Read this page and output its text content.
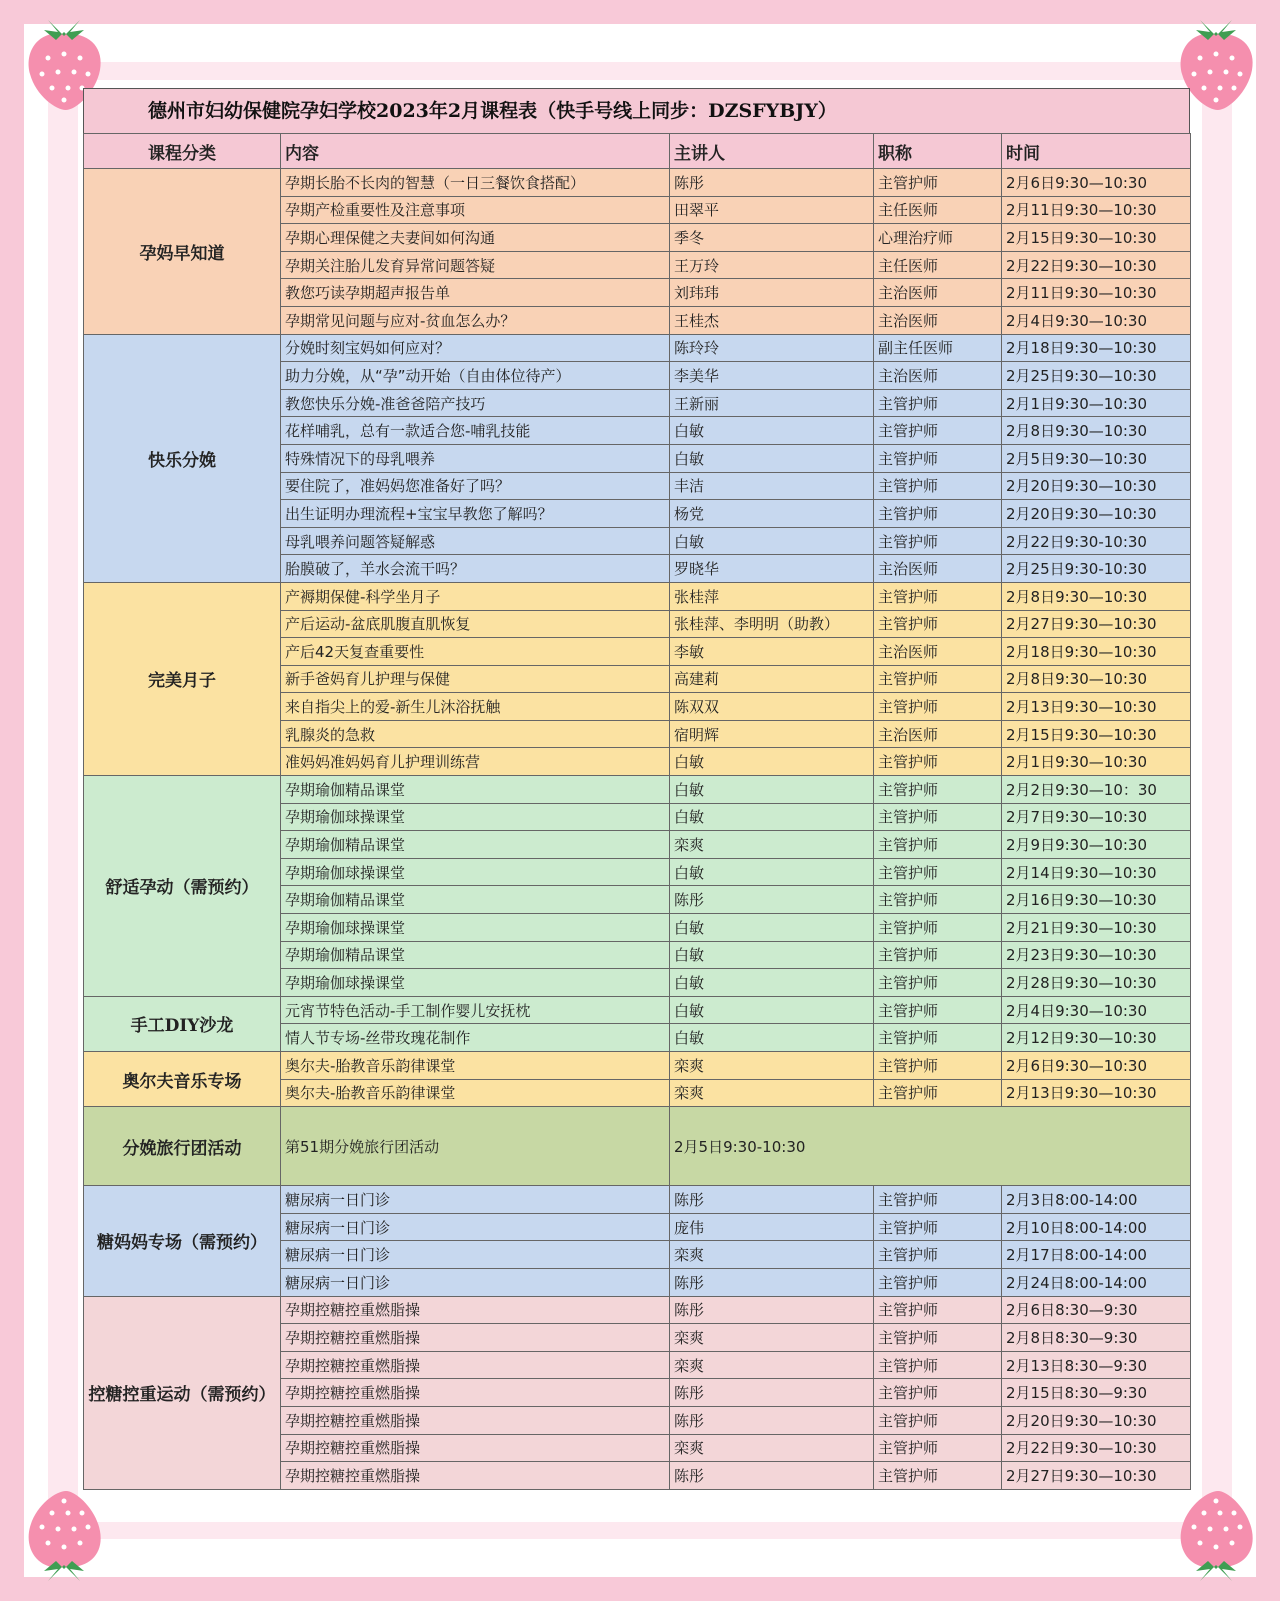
德州市妇幼保健院孕妇学校2023年2月课程表（快手号线上同步：DZSFYBJY）
课程分类	内容	主讲人	职称	时间
孕妈早知道	孕期长胎不长肉的智慧（一日三餐饮食搭配）	陈彤	主管护师	2月6日9:30—10:30
	孕期产检重要性及注意事项	田翠平	主任医师	2月11日9:30—10:30
	孕期心理保健之夫妻间如何沟通	季冬	心理治疗师	2月15日9:30—10:30
	孕期关注胎儿发育异常问题答疑	王万玲	主任医师	2月22日9:30—10:30
	教您巧读孕期超声报告单	刘玮玮	主治医师	2月11日9:30—10:30
	孕期常见问题与应对-贫血怎么办？	王桂杰	主治医师	2月4日9:30—10:30
快乐分娩	分娩时刻宝妈如何应对？	陈玲玲	副主任医师	2月18日9:30—10:30
	助力分娩，从“孕”动开始（自由体位待产）	李美华	主治医师	2月25日9:30—10:30
	教您快乐分娩-准爸爸陪产技巧	王新丽	主管护师	2月1日9:30—10:30
	花样哺乳，总有一款适合您-哺乳技能	白敏	主管护师	2月8日9:30—10:30
	特殊情况下的母乳喂养	白敏	主管护师	2月5日9:30—10:30
	要住院了，准妈妈您准备好了吗？	丰洁	主管护师	2月20日9:30—10:30
	出生证明办理流程+宝宝早教您了解吗？	杨党	主管护师	2月20日9:30—10:30
	母乳喂养问题答疑解惑	白敏	主管护师	2月22日9:30-10:30
	胎膜破了，羊水会流干吗？	罗晓华	主治医师	2月25日9:30-10:30
完美月子	产褥期保健-科学坐月子	张桂萍	主管护师	2月8日9:30—10:30
	产后运动-盆底肌腹直肌恢复	张桂萍、李明明（助教）	主管护师	2月27日9:30—10:30
	产后42天复查重要性	李敏	主治医师	2月18日9:30—10:30
	新手爸妈育儿护理与保健	高建莉	主管护师	2月8日9:30—10:30
	来自指尖上的爱-新生儿沐浴抚触	陈双双	主管护师	2月13日9:30—10:30
	乳腺炎的急救	宿明辉	主治医师	2月15日9:30—10:30
	准妈妈准妈妈育儿护理训练营	白敏	主管护师	2月1日9:30—10:30
舒适孕动（需预约）	孕期瑜伽精品课堂	白敏	主管护师	2月2日9:30—10：30
	孕期瑜伽球操课堂	白敏	主管护师	2月7日9:30—10:30
	孕期瑜伽精品课堂	栾爽	主管护师	2月9日9:30—10:30
	孕期瑜伽球操课堂	白敏	主管护师	2月14日9:30—10:30
	孕期瑜伽精品课堂	陈彤	主管护师	2月16日9:30—10:30
	孕期瑜伽球操课堂	白敏	主管护师	2月21日9:30—10:30
	孕期瑜伽精品课堂	白敏	主管护师	2月23日9:30—10:30
	孕期瑜伽球操课堂	白敏	主管护师	2月28日9:30—10:30
手工DIY沙龙	元宵节特色活动-手工制作婴儿安抚枕	白敏	主管护师	2月4日9:30—10:30
	情人节专场-丝带玫瑰花制作	白敏	主管护师	2月12日9:30—10:30
奥尔夫音乐专场	奥尔夫-胎教音乐韵律课堂	栾爽	主管护师	2月6日9:30—10:30
	奥尔夫-胎教音乐韵律课堂	栾爽	主管护师	2月13日9:30—10:30
分娩旅行团活动	第51期分娩旅行团活动	2月5日9:30-10:30		
糖妈妈专场（需预约）	糖尿病一日门诊	陈彤	主管护师	2月3日8:00-14:00
	糖尿病一日门诊	庞伟	主管护师	2月10日8:00-14:00
	糖尿病一日门诊	栾爽	主管护师	2月17日8:00-14:00
	糖尿病一日门诊	陈彤	主管护师	2月24日8:00-14:00
控糖控重运动（需预约）	孕期控糖控重燃脂操	陈彤	主管护师	2月6日8:30—9:30
	孕期控糖控重燃脂操	栾爽	主管护师	2月8日8:30—9:30
	孕期控糖控重燃脂操	栾爽	主管护师	2月13日8:30—9:30
	孕期控糖控重燃脂操	陈彤	主管护师	2月15日8:30—9:30
	孕期控糖控重燃脂操	陈彤	主管护师	2月20日9:30—10:30
	孕期控糖控重燃脂操	栾爽	主管护师	2月22日9:30—10:30
	孕期控糖控重燃脂操	陈彤	主管护师	2月27日9:30—10:30
